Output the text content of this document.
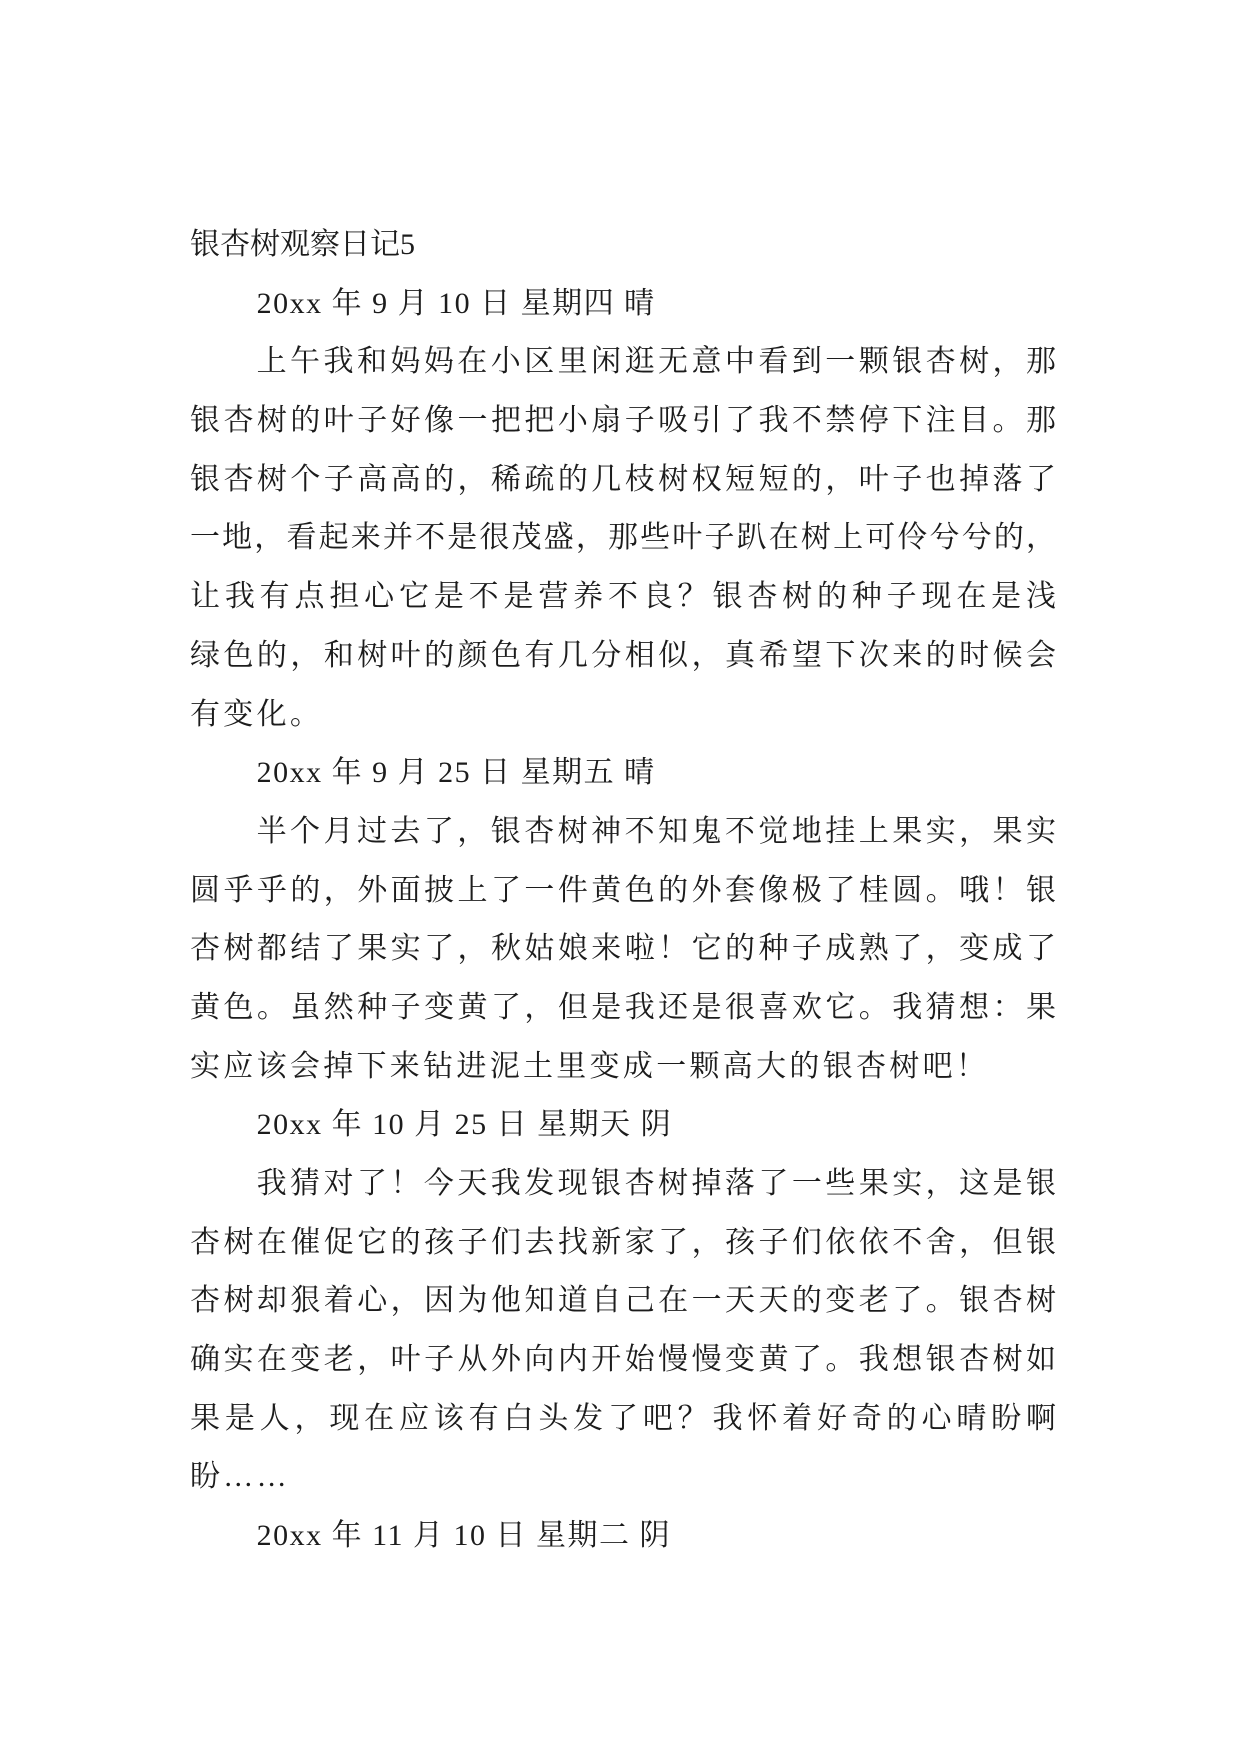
银杏树观察日记5
20xx 年 9 月 10 日 星期四 晴
上午我和妈妈在小区里闲逛无意中看到一颗银杏树，那
银杏树的叶子好像一把把小扇子吸引了我不禁停下注目。那
银杏树个子高高的，稀疏的几枝树权短短的，叶子也掉落了
一地，看起来并不是很茂盛，那些叶子趴在树上可伶兮兮的，
让我有点担心它是不是营养不良？银杏树的种子现在是浅
绿色的，和树叶的颜色有几分相似，真希望下次来的时候会
有变化。
20xx 年 9 月 25 日 星期五 晴
半个月过去了，银杏树神不知鬼不觉地挂上果实，果实
圆乎乎的，外面披上了一件黄色的外套像极了桂圆。哦！银
杏树都结了果实了，秋姑娘来啦！它的种子成熟了，变成了
黄色。虽然种子变黄了，但是我还是很喜欢它。我猜想：果
实应该会掉下来钻进泥土里变成一颗高大的银杏树吧！
20xx 年 10 月 25 日 星期天 阴
我猜对了！今天我发现银杏树掉落了一些果实，这是银
杏树在催促它的孩子们去找新家了，孩子们依依不舍，但银
杏树却狠着心，因为他知道自己在一天天的变老了。银杏树
确实在变老，叶子从外向内开始慢慢变黄了。我想银杏树如
果是人，现在应该有白头发了吧？我怀着好奇的心晴盼啊
盼……
20xx 年 11 月 10 日 星期二 阴
